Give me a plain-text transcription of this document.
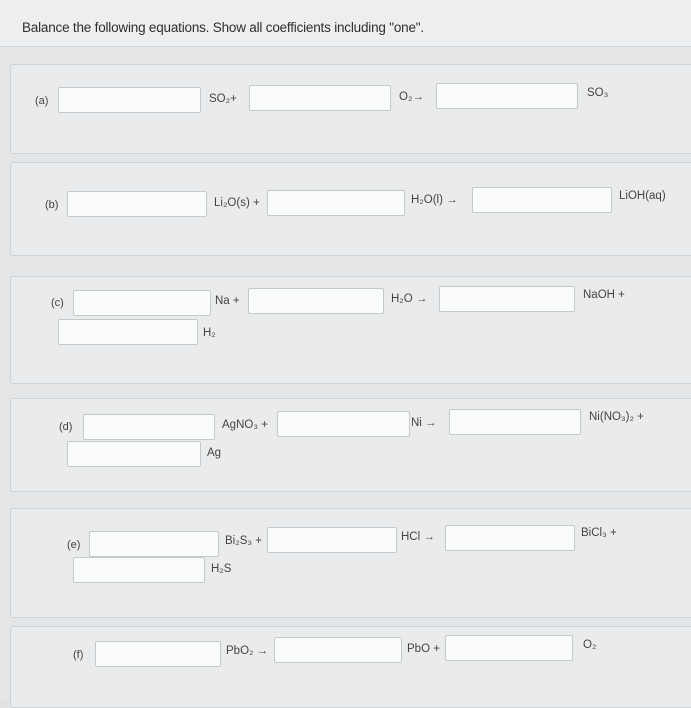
Balance the following equations. Show all coefficients including "one".
(a)	SO₂+	O₂→	SO₃
(b)	Li₂O(s) +	H₂O(l) →	LiOH(aq)
(c)	Na +	H₂O →	NaOH +
H₂
(d)	AgNO₃ +	Ni →	Ni(NO₃)₂ +
Ag
(e)	Bi₂S₃ +	HCl →	BiCl₃ +
H₂S
(f)	PbO₂ →	PbO +	O₂
